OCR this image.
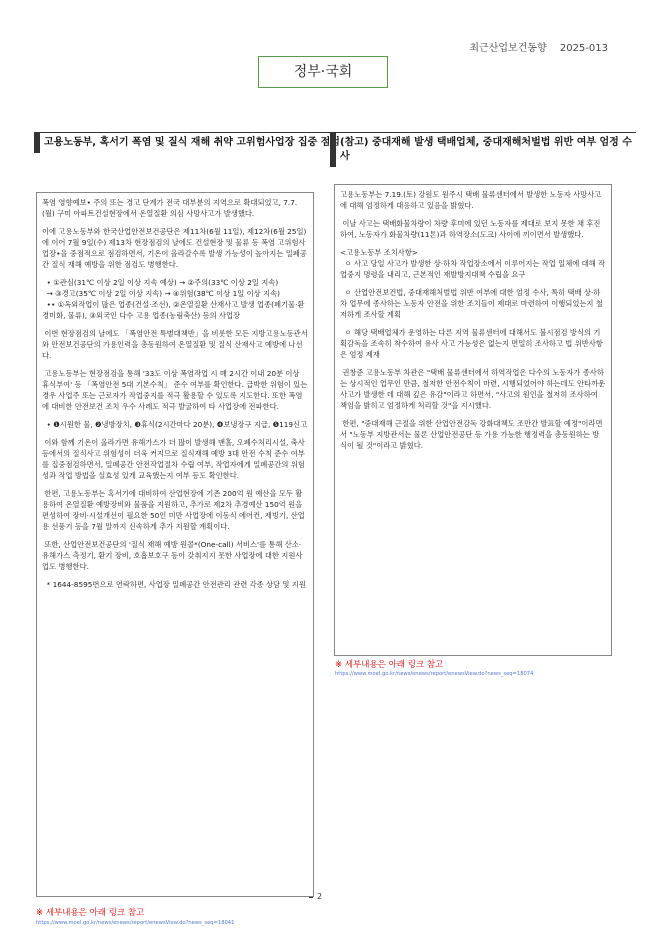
최근산업보건동향 2025-013
정부·국회
고용노동부, 혹서기 폭염 및 질식 재해 취약 고위험사업장 집중 점검

폭염 영향예보• 주의 또는 경고 단계가 전국 대부분의 지역으로 확대되었고, 7.7.(월) 구미 아파트건설현장에서 온열질환 의심 사망사고가 발생했다.

이에 고용노동부와 한국산업안전보건공단은 제11차(6월 11일), 제12차(6월 25일)에 이어 7월 9일(수) 제13차 현장점검의 날에도 건설현장 및 물류 등 폭염 고위험사업장•을 중점적으로 점검하면서, 기온이 올라갈수록 발생 가능성이 높아지는 밀폐공간 질식 재해 예방을 위한 점검도 병행한다.

• ①관심(31℃ 이상 2일 이상 지속 예상) → ②주의(33℃ 이상 2일 지속)
→ ③경고(35℃ 이상 2일 이상 지속) → ④위험(38℃ 이상 1일 이상 지속)
•• ①옥외작업이 많은 업종(건설·조선), ②온열질환 산재사고 발생 업종(폐기물·환경미화, 물류), ③외국인 다수 고용 업종(농림축산) 등의 사업장

이번 현장점검의 날에도 「폭염안전 특별대책반」을 비롯한 모든 지방고용노동관서와 안전보건공단의 가용인력을 총동원하여 온열질환 및 질식 산재사고 예방에 나선다.

고용노동부는 현장점검을 통해 '33도 이상 폭염작업 시 매 2시간 이내 20분 이상 휴식부여' 등 「폭염안전 5대 기본수칙」 준수 여부를 확인한다. 급박한 위험이 있는 경우 사업주 또는 근로자가 작업중지를 적극 활용할 수 있도록 지도한다. 또한 폭염에 대비한 안전보건 조치 우수 사례도 적극 발굴하여 타 사업장에 전파한다.

• ❶시원한 물, ❷냉방장치, ❸휴식(2시간마다 20분), ❹보냉장구 지급, ❺119신고

이와 함께 기온이 올라가면 유해가스가 더 많이 발생해 맨홀, 오폐수처리시설, 축사 등에서의 질식사고 위험성이 더욱 커지므로 질식재해 예방 3대 안전 수칙 준수 여부를 집중점검하면서, 밀폐공간 안전작업절차 수립 여부, 작업자에게 밀폐공간의 위험성과 작업 방법을 실효성 있게 교육했는지 여부 등도 확인한다.

한편, 고용노동부는 혹서기에 대비하여 산업현장에 기존 200억 원 예산을 모두 활용하여 온열질환 예방장비와 물품을 지원하고, 추가로 제2차 추경예산 150억 원을 편성하여 장비·시설개선이 필요한 50인 미만 사업장에 이동식 에어컨, 제빙기, 산업용 선풍기 등을 7월 말까지 신속하게 추가 지원할 계획이다.

또한, 산업안전보건공단의 '질식 재해 예방 원콜*(One-call) 서비스'를 통해 산소·유해가스 측정기, 환기 장비, 호흡보호구 등이 갖춰지지 못한 사업장에 대한 지원사업도 병행한다.

* 1644-8595번으로 연락하면, 사업장 밀폐공간 안전관리 관련 각종 상담 및 지원

(참고) 중대재해 발생 택배업체, 중대재해처벌법 위반 여부 엄정 수사

고용노동부는 7.19.(토) 강원도 원주시 택배 물류센터에서 발생한 노동자 사망사고에 대해 엄정하게 대응하고 있음을 밝혔다.

이날 사고는 택배화물차량이 차량 후미에 있던 노동자를 제대로 보지 못한 채 후진하여, 노동자가 화물차량(11톤)과 하역장소(도크) 사이에 끼이면서 발생했다.

<고용노동부 조치사항>
ㅇ 사고 당일 사고가 발생한 상·하차 작업장소에서 이루어지는 작업 일체에 대해 작업중지 명령을 내리고, 근본적인 재발방지대책 수립을 요구

ㅇ 산업안전보건법, 중대재해처벌법 위반 여부에 대한 엄정 수사, 특히 택배 상·하차 업무에 종사하는 노동자 안전을 위한 조치들이 제대로 마련하여 이행되었는지 철저하게 조사할 계획

ㅇ 해당 택배업체가 운영하는 다른 지역 물류센터에 대해서도 불시점검 방식의 기획감독을 조속히 착수하여 유사 사고 가능성은 없는지 면밀히 조사하고 법 위반사항은 엄정 제재

권창준 고용노동부 차관은 "택배 물류센터에서 하역작업은 다수의 노동자가 종사하는 상시적인 업무인 만큼, 철저한 안전수칙이 마련, 시행되었어야 하는데도 안타까운 사고가 발생한 데 대해 깊은 유감"이라고 하면서, "사고의 원인을 철저히 조사하여 책임을 밝히고 엄정하게 처리할 것"을 지시했다.

한편, "중대재해 근절을 위한 산업안전감독 강화대책도 조만간 발표할 예정"이라면서 "노동부 지방관서는 물론 산업안전공단 등 가용 가능한 행정력을 총동원하는 방식이 될 것"이라고 밝혔다.

※ 세부내용은 아래 링크 참고
https://www.moel.go.kr/news/enews/report/enewsView.do?news_seq=18074
2
※ 세부내용은 아래 링크 참고
https://www.moel.go.kr/news/enews/report/enewsView.do?news_seq=18041
